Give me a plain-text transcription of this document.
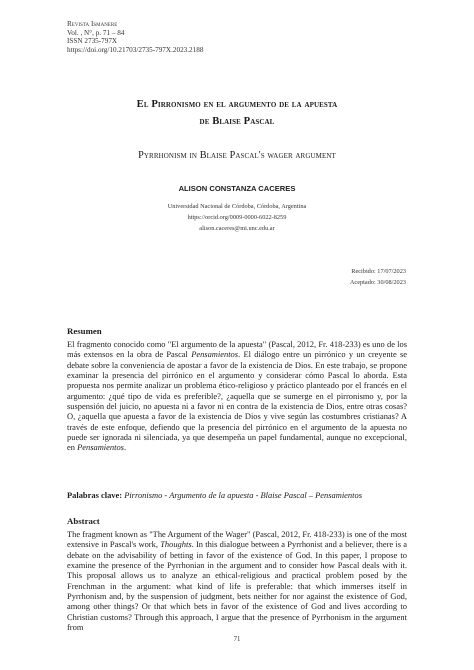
Revista Ismanere
Vol. , N°, p. 71 – 84
ISSN 2735-797X
https://doi.org/10.21703/2735-797X.2023.2188
El Pirronismo en el argumento de la apuesta
de Blaise Pascal
Pyrrhonism in Blaise Pascal's wager argument
ALISON CONSTANZA CACERES
Universidad Nacional de Córdoba, Córdoba, Argentina
https://orcid.org/0009-0000-6022-8259
alison.caceres@mi.unc.edu.ar
Recibido: 17/07/2023
Aceptado: 30/08/2023
Resumen

El fragmento conocido como "El argumento de la apuesta" (Pascal, 2012, Fr. 418-233) es uno de los más extensos en la obra de Pascal Pensamientos. El diálogo entre un pirrónico y un creyente se debate sobre la conveniencia de apostar a favor de la existencia de Dios. En este trabajo, se propone examinar la presencia del pirrónico en el argumento y considerar cómo Pascal lo aborda. Esta propuesta nos permite analizar un problema ético-religioso y práctico planteado por el francés en el argumento: ¿qué tipo de vida es preferible?, ¿aquella que se sumerge en el pirronismo y, por la suspensión del juicio, no apuesta ni a favor ni en contra de la existencia de Dios, entre otras cosas? O, ¿aquella que apuesta a favor de la existencia de Dios y vive según las costumbres cristianas? A través de este enfoque, defiendo que la presencia del pirrónico en el argumento de la apuesta no puede ser ignorada ni silenciada, ya que desempeña un papel fundamental, aunque no excepcional, en Pensamientos.

Palabras clave: Pirronismo - Argumento de la apuesta - Blaise Pascal – Pensamientos
Abstract

The fragment known as "The Argument of the Wager" (Pascal, 2012, Fr. 418-233) is one of the most extensive in Pascal's work, Thoughts. In this dialogue between a Pyrrhonist and a believer, there is a debate on the advisability of betting in favor of the existence of God. In this paper, I propose to examine the presence of the Pyrrhonian in the argument and to consider how Pascal deals with it. This proposal allows us to analyze an ethical-religious and practical problem posed by the Frenchman in the argument: what kind of life is preferable: that which immerses itself in Pyrrhonism and, by the suspension of judgment, bets neither for nor against the existence of God, among other things? Or that which bets in favor of the existence of God and lives according to Christian customs? Through this approach, I argue that the presence of Pyrrhonism in the argument from

71
